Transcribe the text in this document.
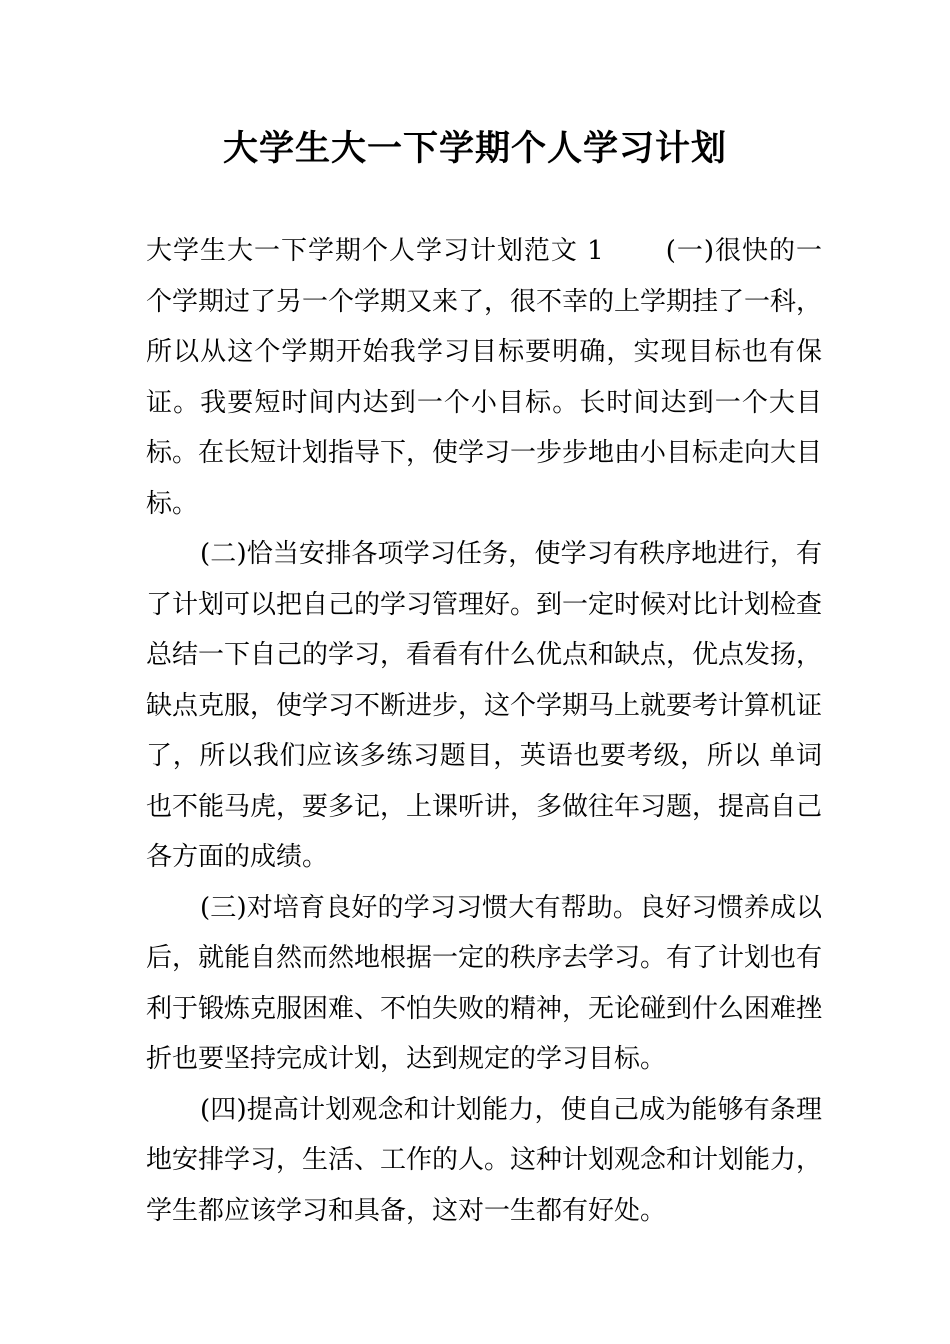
大学生大一下学期个人学习计划

大学生大一下学期个人学习计划范文 1 (一)很快的一个学期过了另一个学期又来了，很不幸的上学期挂了一科，所以从这个学期开始我学习目标要明确，实现目标也有保证。我要短时间内达到一个小目标。长时间达到一个大目标。在长短计划指导下，使学习一步步地由小目标走向大目标。

(二)恰当安排各项学习任务，使学习有秩序地进行，有了计划可以把自己的学习管理好。到一定时候对比计划检查总结一下自己的学习，看看有什么优点和缺点，优点发扬，缺点克服，使学习不断进步，这个学期马上就要考计算机证了，所以我们应该多练习题目，英语也要考级，所以 单词也不能马虎，要多记，上课听讲，多做往年习题，提高自己各方面的成绩。

(三)对培育良好的学习习惯大有帮助。良好习惯养成以后，就能自然而然地根据一定的秩序去学习。有了计划也有利于锻炼克服困难、不怕失败的精神，无论碰到什么困难挫折也要坚持完成计划，达到规定的学习目标。

(四)提高计划观念和计划能力，使自己成为能够有条理地安排学习，生活、工作的人。这种计划观念和计划能力，学生都应该学习和具备，这对一生都有好处。
